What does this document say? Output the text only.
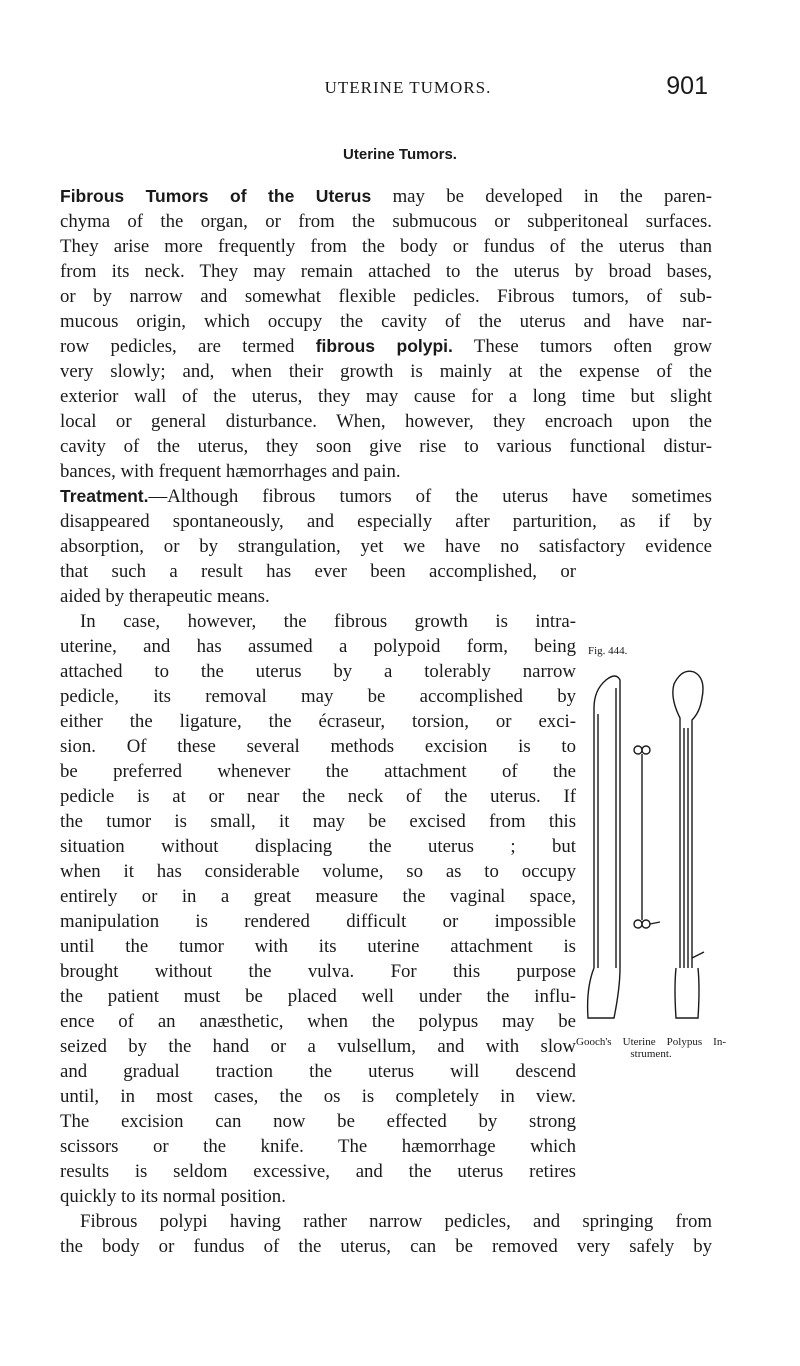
UTERINE TUMORS.	901
Uterine Tumors.
Fibrous Tumors of the Uterus may be developed in the paren-
chyma of the organ, or from the submucous or subperitoneal surfaces.
They arise more frequently from the body or fundus of the uterus than
from its neck. They may remain attached to the uterus by broad bases,
or by narrow and somewhat flexible pedicles. Fibrous tumors, of sub-
mucous origin, which occupy the cavity of the uterus and have nar-
row pedicles, are termed fibrous polypi. These tumors often grow
very slowly; and, when their growth is mainly at the expense of the
exterior wall of the uterus, they may cause for a long time but slight
local or general disturbance. When, however, they encroach upon the
cavity of the uterus, they soon give rise to various functional distur-
bances, with frequent hæmorrhages and pain.
Treatment.—Although fibrous tumors of the uterus have sometimes
disappeared spontaneously, and especially after parturition, as if by
absorption, or by strangulation, yet we have no satisfactory evidence
that such a result has ever been accomplished, or
aided by therapeutic means.
In case, however, the fibrous growth is intra-
uterine, and has assumed a polypoid form, being
attached to the uterus by a tolerably narrow
pedicle, its removal may be accomplished by
either the ligature, the écraseur, torsion, or exci-
sion. Of these several methods excision is to
be preferred whenever the attachment of the
pedicle is at or near the neck of the uterus. If
the tumor is small, it may be excised from this
situation without displacing the uterus ; but
when it has considerable volume, so as to occupy
entirely or in a great measure the vaginal space,
manipulation is rendered difficult or impossible
until the tumor with its uterine attachment is
brought without the vulva. For this purpose
the patient must be placed well under the influ-
ence of an anæsthetic, when the polypus may be
seized by the hand or a vulsellum, and with slow
and gradual traction the uterus will descend
until, in most cases, the os is completely in view.
The excision can now be effected by strong
scissors or the knife. The hæmorrhage which
results is seldom excessive, and the uterus retires
quickly to its normal position.
Fibrous polypi having rather narrow pedicles, and springing from
the body or fundus of the uterus, can be removed very safely by
Fig. 444.
Gooch's Uterine Polypus In-
strument.
